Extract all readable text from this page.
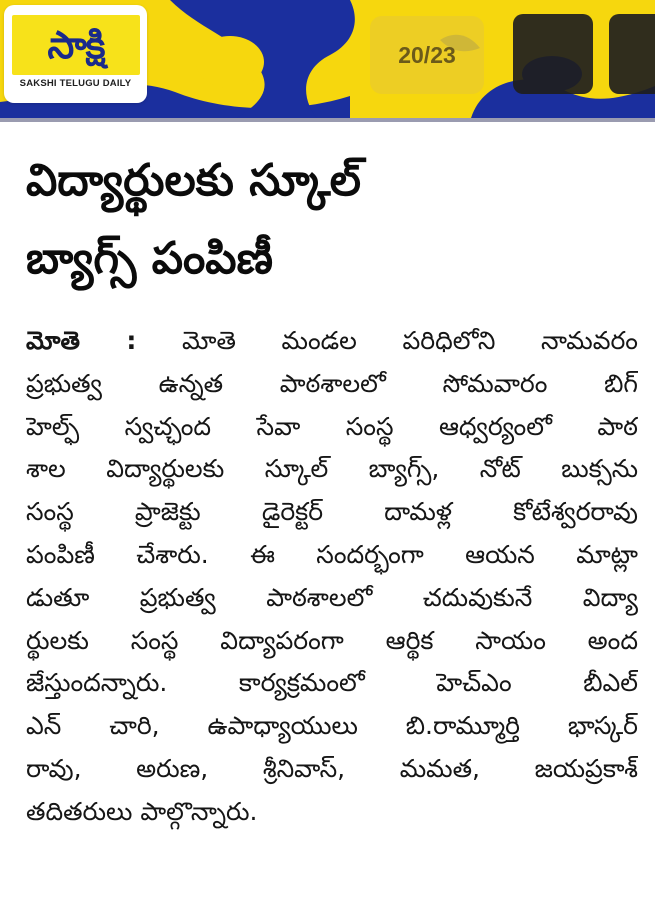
సాక్షి
SAKSHI TELUGU DAILY
20/23
విద్యార్థులకు స్కూల్
బ్యాగ్స్‌ పంపిణీ
మోతె : మోతె మండల పరిధిలోని నామవరం
ప్రభుత్వ ఉన్నత పాఠశాలలో సోమవారం బిగ్
హెల్ఫ్ స్వచ్ఛంద సేవా సంస్థ ఆధ్వర్యంలో పాఠ
శాల విద్యార్థులకు స్కూల్ బ్యాగ్స్, నోట్ బుక్సను
సంస్థ ప్రాజెక్టు డైరెక్టర్ దామళ్ల కోటేశ్వరరావు
పంపిణీ చేశారు. ఈ సందర్భంగా ఆయన మాట్లా
డుతూ ప్రభుత్వ పాఠశాలలో చదువుకునే విద్యా
ర్థులకు సంస్థ విద్యాపరంగా ఆర్థిక సాయం అంద
జేస్తుందన్నారు. కార్యక్రమంలో హెచ్ఎం బీఎల్
ఎన్ చారి, ఉపాధ్యాయులు బి.రామ్మూర్తి భాస్కర్
రావు, అరుణ, శ్రీనివాస్, మమత, జయప్రకాశ్
తదితరులు పాల్గొన్నారు.
